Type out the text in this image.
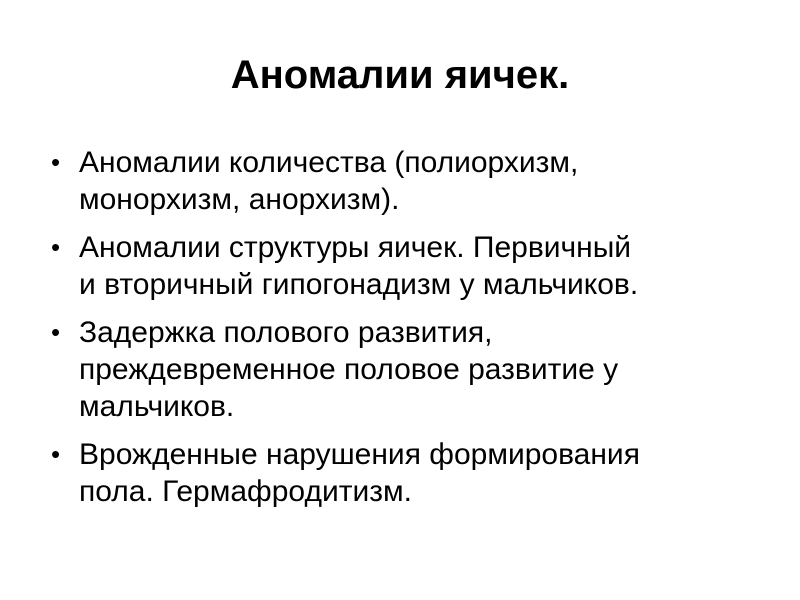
Аномалии яичек.
• Аномалии количества (полиорхизм,
монорхизм, анорхизм).
• Аномалии структуры яичек. Первичный
и вторичный гипогонадизм у мальчиков.
• Задержка полового развития,
преждевременное половое развитие у
мальчиков.
• Врожденные нарушения формирования
пола. Гермафродитизм.
